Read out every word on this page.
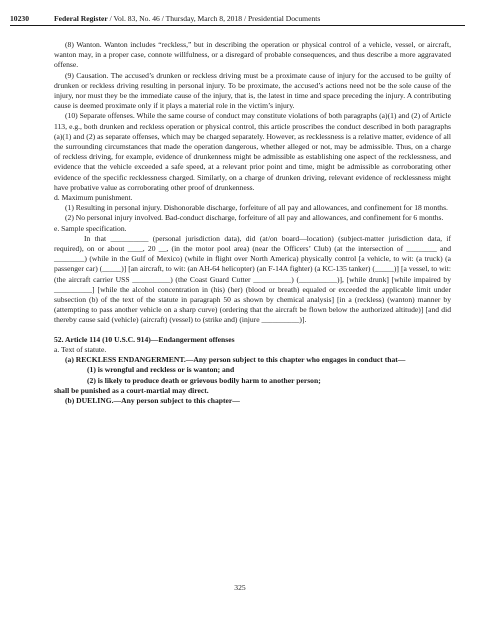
10230	Federal Register / Vol. 83, No. 46 / Thursday, March 8, 2018 / Presidential Documents

(8) Wanton. Wanton includes “reckless,” but in describing the operation or physical control of a vehicle, vessel, or aircraft, wanton may, in a proper case, connote willfulness, or a disregard of probable consequences, and thus describe a more aggravated offense.

(9) Causation. The accused’s drunken or reckless driving must be a proximate cause of injury for the accused to be guilty of drunken or reckless driving resulting in personal injury. To be proximate, the accused’s actions need not be the sole cause of the injury, nor must they be the immediate cause of the injury, that is, the latest in time and space preceding the injury. A contributing cause is deemed proximate only if it plays a material role in the victim’s injury.

(10) Separate offenses. While the same course of conduct may constitute violations of both paragraphs (a)(1) and (2) of Article 113, e.g., both drunken and reckless operation or physical control, this article proscribes the conduct described in both paragraphs (a)(1) and (2) as separate offenses, which may be charged separately. However, as recklessness is a relative matter, evidence of all the surrounding circumstances that made the operation dangerous, whether alleged or not, may be admissible. Thus, on a charge of reckless driving, for example, evidence of drunkenness might be admissible as establishing one aspect of the recklessness, and evidence that the vehicle exceeded a safe speed, at a relevant prior point and time, might be admissible as corroborating other evidence of the specific recklessness charged. Similarly, on a charge of drunken driving, relevant evidence of recklessness might have probative value as corroborating other proof of drunkenness.

d. Maximum punishment.

(1) Resulting in personal injury. Dishonorable discharge, forfeiture of all pay and allowances, and confinement for 18 months.

(2) No personal injury involved. Bad-conduct discharge, forfeiture of all pay and allowances, and confinement for 6 months.

e. Sample specification.

In that __________ (personal jurisdiction data), did (at/on board—location) (subject-matter jurisdiction data, if required), on or about ____, 20 __, (in the motor pool area) (near the Officers’ Club) (at the intersection of ________ and ________) (while in the Gulf of Mexico) (while in flight over North America) physically control [a vehicle, to wit: (a truck) (a passenger car) (_____)] [an aircraft, to wit: (an AH-64 helicopter) (an F-14A fighter) (a KC-135 tanker) (_____)] [a vessel, to wit: (the aircraft carrier USS __________) (the Coast Guard Cutter __________) (__________)], [while drunk] [while impaired by __________] [while the alcohol concentration in (his) (her) (blood or breath) equaled or exceeded the applicable limit under subsection (b) of the text of the statute in paragraph 50 as shown by chemical analysis] [in a (reckless) (wanton) manner by (attempting to pass another vehicle on a sharp curve) (ordering that the aircraft be flown below the authorized altitude)] [and did thereby cause said (vehicle) (aircraft) (vessel) to (strike and) (injure __________)].

52. Article 114 (10 U.S.C. 914)—Endangerment offenses

a. Text of statute.

(a) RECKLESS ENDANGERMENT.—Any person subject to this chapter who engages in conduct that—

(1) is wrongful and reckless or is wanton; and

(2) is likely to produce death or grievous bodily harm to another person;

shall be punished as a court-martial may direct.

(b) DUELING.—Any person subject to this chapter—

325
